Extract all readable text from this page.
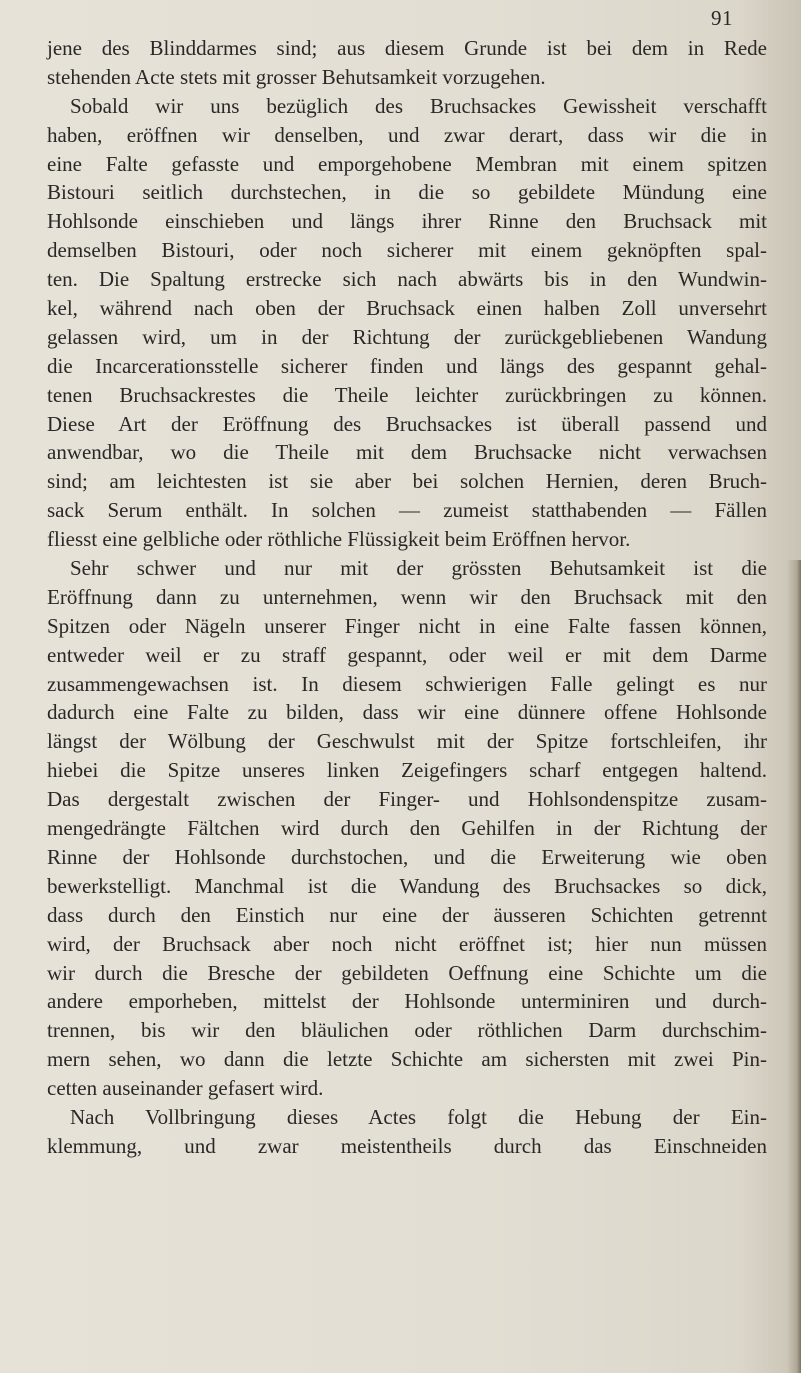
91
jene des Blinddarmes sind; aus diesem Grunde ist bei dem in Rede
stehenden Acte stets mit grosser Behutsamkeit vorzugehen.
Sobald wir uns bezüglich des Bruchsackes Gewissheit verschafft
haben, eröffnen wir denselben, und zwar derart, dass wir die in
eine Falte gefasste und emporgehobene Membran mit einem spitzen
Bistouri seitlich durchstechen, in die so gebildete Mündung eine
Hohlsonde einschieben und längs ihrer Rinne den Bruchsack mit
demselben Bistouri, oder noch sicherer mit einem geknöpften spal-
ten. Die Spaltung erstrecke sich nach abwärts bis in den Wundwin-
kel, während nach oben der Bruchsack einen halben Zoll unversehrt
gelassen wird, um in der Richtung der zurückgebliebenen Wandung
die Incarcerationsstelle sicherer finden und längs des gespannt gehal-
tenen Bruchsackrestes die Theile leichter zurückbringen zu können.
Diese Art der Eröffnung des Bruchsackes ist überall passend und
anwendbar, wo die Theile mit dem Bruchsacke nicht verwachsen
sind; am leichtesten ist sie aber bei solchen Hernien, deren Bruch-
sack Serum enthält. In solchen — zumeist statthabenden — Fällen
fliesst eine gelbliche oder röthliche Flüssigkeit beim Eröffnen hervor.
Sehr schwer und nur mit der grössten Behutsamkeit ist die
Eröffnung dann zu unternehmen, wenn wir den Bruchsack mit den
Spitzen oder Nägeln unserer Finger nicht in eine Falte fassen können,
entweder weil er zu straff gespannt, oder weil er mit dem Darme
zusammengewachsen ist. In diesem schwierigen Falle gelingt es nur
dadurch eine Falte zu bilden, dass wir eine dünnere offene Hohlsonde
längst der Wölbung der Geschwulst mit der Spitze fortschleifen, ihr
hiebei die Spitze unseres linken Zeigefingers scharf entgegen haltend.
Das dergestalt zwischen der Finger- und Hohlsondenspitze zusam-
mengedrängte Fältchen wird durch den Gehilfen in der Richtung der
Rinne der Hohlsonde durchstochen, und die Erweiterung wie oben
bewerkstelligt. Manchmal ist die Wandung des Bruchsackes so dick,
dass durch den Einstich nur eine der äusseren Schichten getrennt
wird, der Bruchsack aber noch nicht eröffnet ist; hier nun müssen
wir durch die Bresche der gebildeten Oeffnung eine Schichte um die
andere emporheben, mittelst der Hohlsonde unterminiren und durch-
trennen, bis wir den bläulichen oder röthlichen Darm durchschim-
mern sehen, wo dann die letzte Schichte am sichersten mit zwei Pin-
cetten auseinander gefasert wird.
Nach Vollbringung dieses Actes folgt die Hebung der Ein-
klemmung, und zwar meistentheils durch das Einschneiden
